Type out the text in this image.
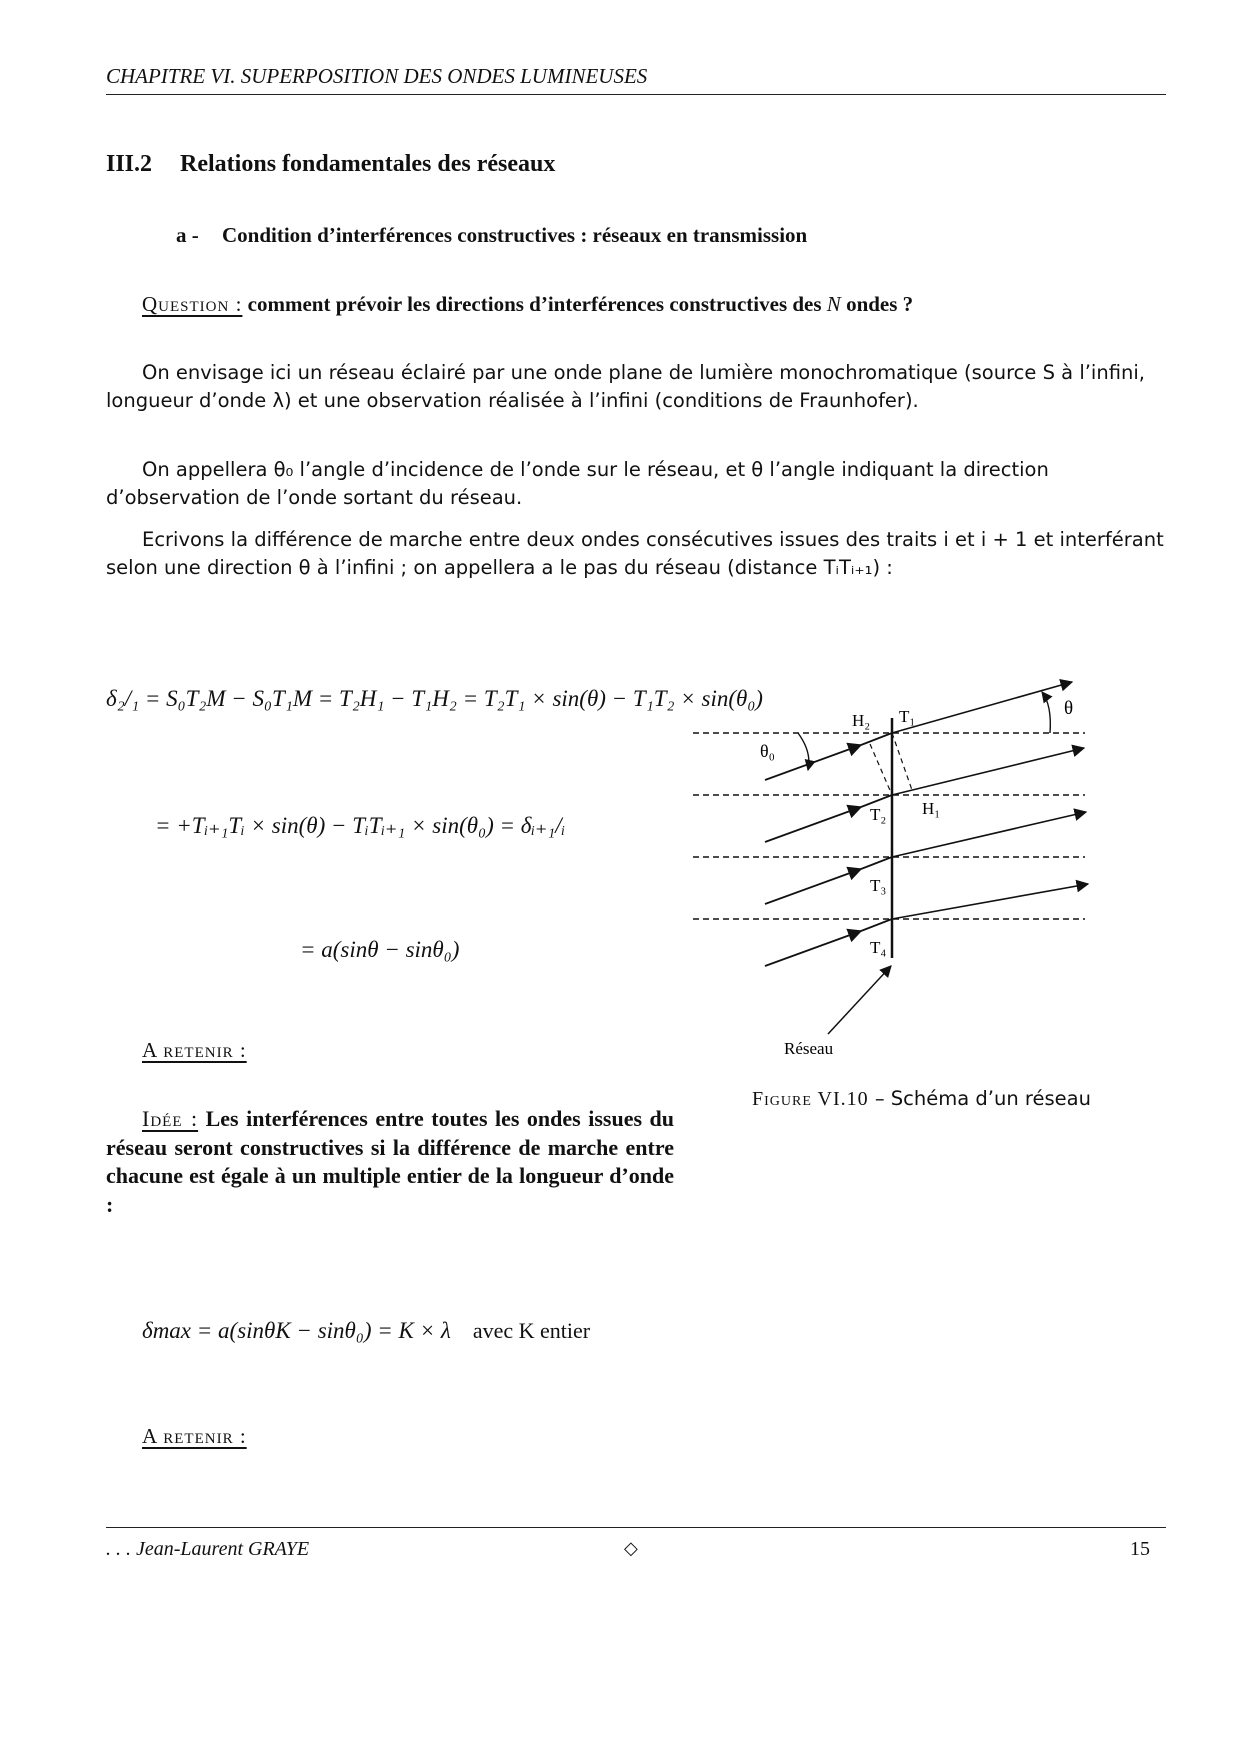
CHAPITRE VI. SUPERPOSITION DES ONDES LUMINEUSES
III.2 Relations fondamentales des réseaux
a - Condition d’interférences constructives : réseaux en transmission
Question : comment prévoir les directions d’interférences constructives des N ondes ?
On envisage ici un réseau éclairé par une onde plane de lumière monochromatique (source S à l’infini, longueur d’onde λ) et une observation réalisée à l’infini (conditions de Fraunhofer).
On appellera θ₀ l’angle d’incidence de l’onde sur le réseau, et θ l’angle indiquant la direction d’observation de l’onde sortant du réseau.
Ecrivons la différence de marche entre deux ondes consécutives issues des traits i et i + 1 et interférant selon une direction θ à l’infini ; on appellera a le pas du réseau (distance TᵢTᵢ₊₁) :
δ₂/₁ = S₀T₂M − S₀T₁M = T₂H₁ − T₁H₂ = T₂T₁ × sin(θ) − T₁T₂ × sin(θ₀)
= +Tᵢ₊₁Tᵢ × sin(θ) − TᵢTᵢ₊₁ × sin(θ₀) = δᵢ₊₁/ᵢ
= a(sinθ − sinθ₀)
A retenir :
Idée : Les interférences entre toutes les ondes issues du réseau seront constructives si la différence de marche entre chacune est égale à un multiple entier de la longueur d’onde :
δmax = a(sinθK − sinθ₀) = K × λ avec K entier
A retenir :
H₂ T₁	θ
θ₀
T₂ H₁
T₃
T₄
Réseau
Figure VI.10 – Schéma d’un réseau
. . . Jean-Laurent GRAYE	◇	15
